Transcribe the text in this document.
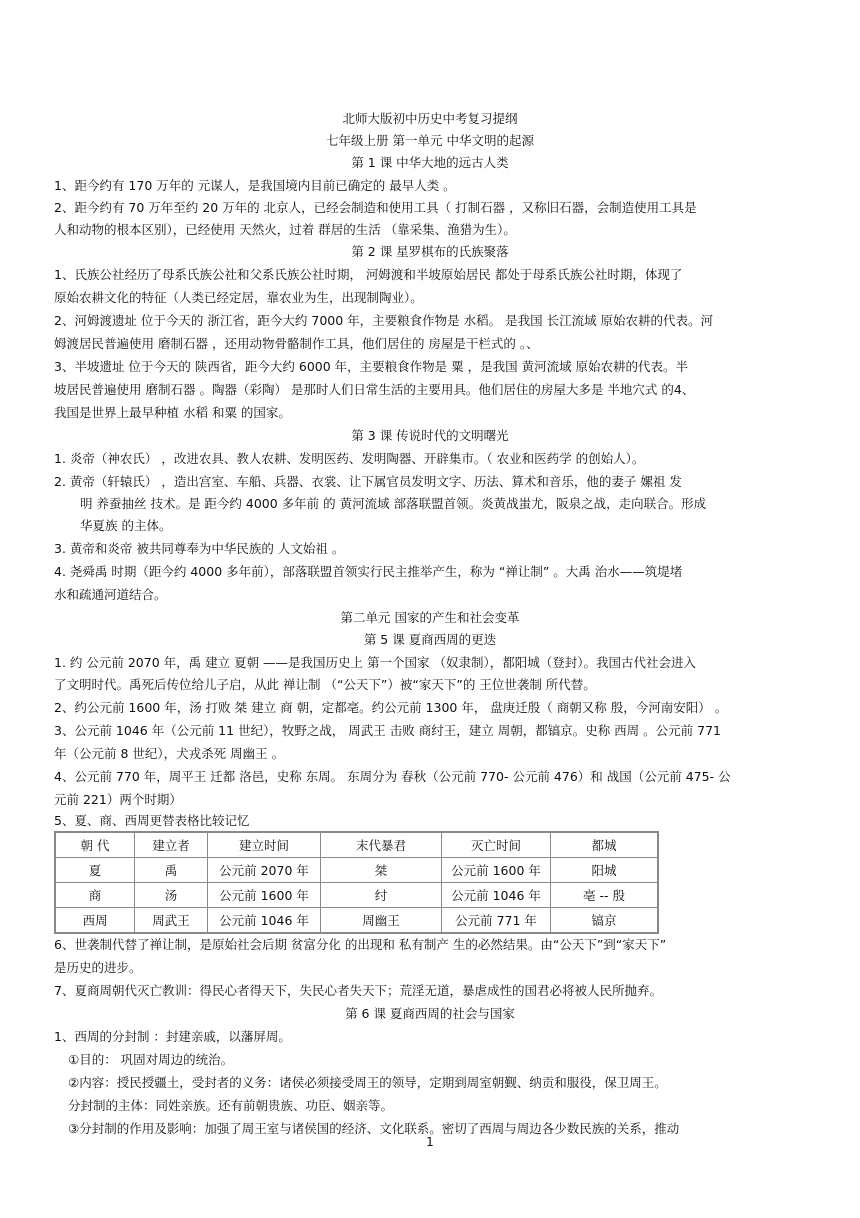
北师大版初中历史中考复习提纲
七年级上册 第一单元 中华文明的起源
第 1 课 中华大地的远古人类
1、距今约有 170 万年的 元谋人，是我国境内目前已确定的 最早人类 。
2、距今约有 70 万年至约 20 万年的 北京人，已经会制造和使用工具（ 打制石器 ，又称旧石器，会制造使用工具是
人和动物的根本区别），已经使用 天然火，过着 群居的生活 （靠采集、渔猎为生）。
第 2 课 星罗棋布的氏族聚落
1、氏族公社经历了母系氏族公社和父系氏族公社时期， 河姆渡和半坡原始居民 都处于母系氏族公社时期，体现了
原始农耕文化的特征（人类已经定居，靠农业为生，出现制陶业）。
2、河姆渡遗址 位于今天的 浙江省，距今大约 7000 年，主要粮食作物是 水稻。 是我国 长江流域 原始农耕的代表。河
姆渡居民普遍使用 磨制石器 ，还用动物骨骼制作工具，他们居住的 房屋是干栏式的 。、
3、半坡遗址 位于今天的 陕西省，距今大约 6000 年，主要粮食作物是 粟 ，是我国 黄河流域 原始农耕的代表。半
坡居民普遍使用 磨制石器 。陶器（彩陶） 是那时人们日常生活的主要用具。他们居住的房屋大多是 半地穴式 的4、
我国是世界上最早种植 水稻 和粟 的国家。
第 3 课 传说时代的文明曙光
1. 炎帝（神农氏） ，改进农具、教人农耕、发明医药、发明陶器、开辟集市。（ 农业和医药学 的创始人）。
2. 黄帝（轩辕氏） ，造出宫室、车船、兵器、衣裳、让下属官员发明文字、历法、算术和音乐，他的妻子 嫘祖 发
明 养蚕抽丝 技术。是 距今约 4000 多年前 的 黄河流域 部落联盟首领。炎黄战蚩尤，阪泉之战，走向联合。形成
华夏族 的主体。
3. 黄帝和炎帝 被共同尊奉为中华民族的 人文始祖 。
4. 尧舜禹 时期（距今约 4000 多年前），部落联盟首领实行民主推举产生，称为 “禅让制” 。大禹 治水——筑堤堵
水和疏通河道结合。
第二单元 国家的产生和社会变革
第 5 课 夏商西周的更迭
1. 约 公元前 2070 年，禹 建立 夏朝 ——是我国历史上 第一个国家 （奴隶制），都阳城（登封）。我国古代社会进入
了文明时代。禹死后传位给儿子启，从此 禅让制 （“公天下”）被“家天下”的 王位世袭制 所代替。
2、约公元前 1600 年，汤 打败 桀 建立 商 朝，定都亳。约公元前 1300 年， 盘庚迁殷（ 商朝又称 殷，今河南安阳） 。
3、公元前 1046 年（公元前 11 世纪），牧野之战， 周武王 击败 商纣王，建立 周朝，都镐京。史称 西周 。公元前 771
年（公元前 8 世纪），犬戎杀死 周幽王 。
4、公元前 770 年，周平王 迁都 洛邑，史称 东周。 东周分为 春秋（公元前 770- 公元前 476）和 战国（公元前 475- 公
元前 221）两个时期）
5、夏、商、西周更替表格比较记忆
朝 代	建立者	建立时间	末代暴君	灭亡时间	都城
夏	禹	公元前 2070 年	桀	公元前 1600 年	阳城
商	汤	公元前 1600 年	纣	公元前 1046 年	亳 -- 殷
西周	周武王	公元前 1046 年	周幽王	公元前 771 年	镐京
6、世袭制代替了禅让制，是原始社会后期 贫富分化 的出现和 私有制产 生的必然结果。由“公天下”到“家天下”
是历史的进步。
7、夏商周朝代灭亡教训：得民心者得天下，失民心者失天下；荒淫无道，暴虐成性的国君必将被人民所抛弃。
第 6 课 夏商西周的社会与国家
1、西周的分封制 ：封建亲戚，以藩屏周。
①目的： 巩固对周边的统治。
②内容：授民授疆土，受封者的义务：诸侯必须接受周王的领导，定期到周室朝觐、纳贡和服役，保卫周王。
分封制的主体：同姓亲族。还有前朝贵族、功臣、姻亲等。
③分封制的作用及影响：加强了周王室与诸侯国的经济、文化联系。密切了西周与周边各少数民族的关系，推动
1
